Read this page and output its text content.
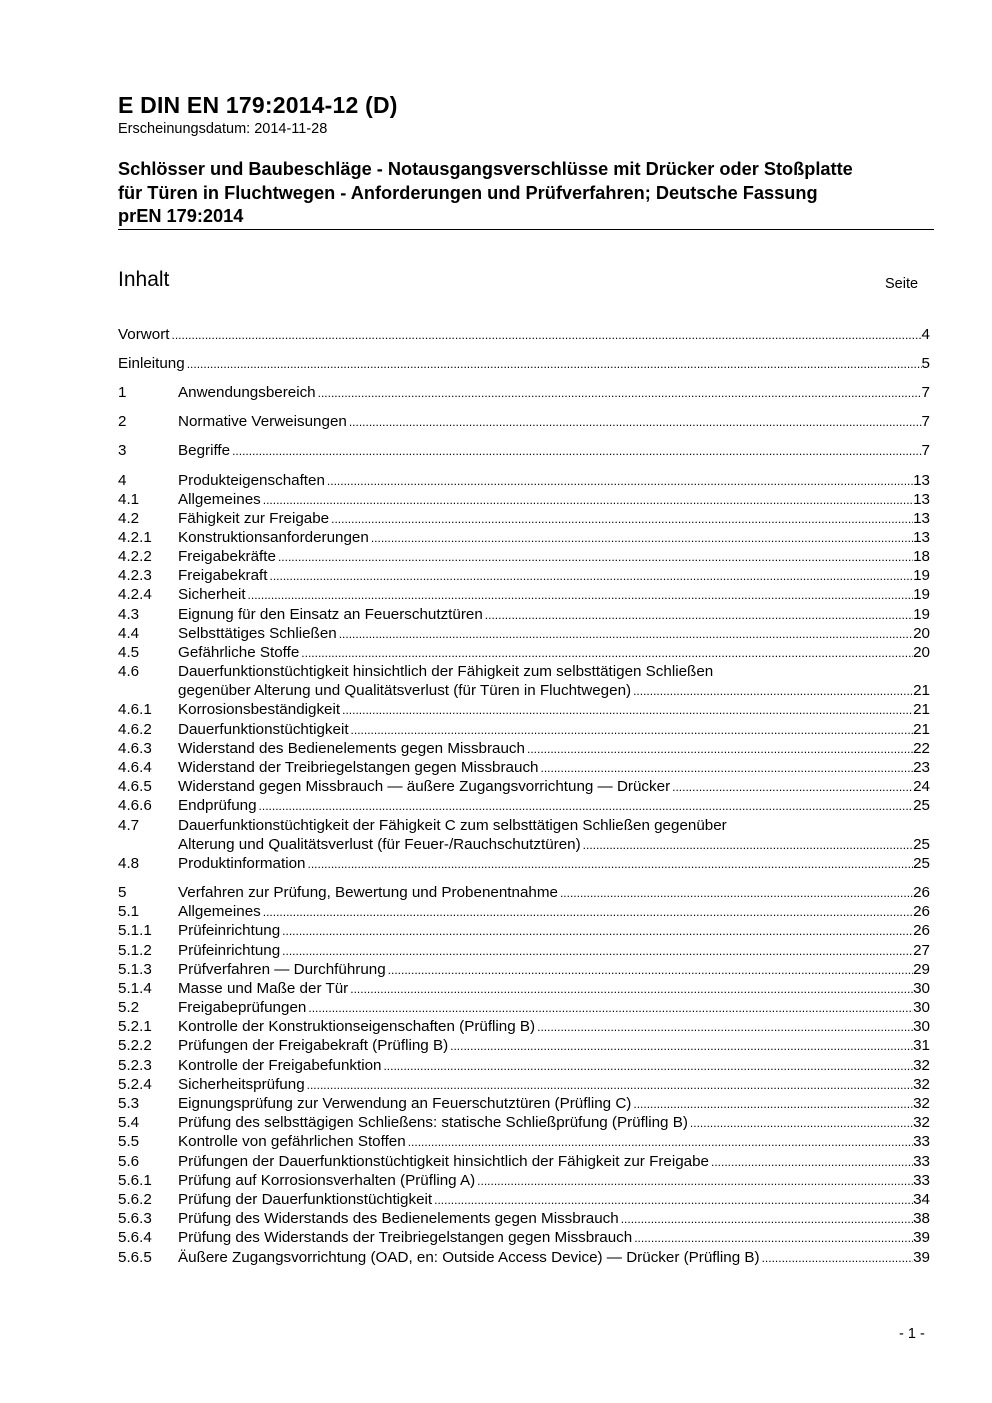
E DIN EN 179:2014-12 (D)
Erscheinungsdatum: 2014-11-28
Schlösser und Baubeschläge - Notausgangsverschlüsse mit Drücker oder Stoßplatte
für Türen in Fluchtwegen - Anforderungen und Prüfverfahren; Deutsche Fassung
prEN 179:2014
Inhalt	Seite
Vorwort .....	4
Einleitung .....	5
1	Anwendungsbereich .....	7
2	Normative Verweisungen .....	7
3	Begriffe .....	7
4	Produkteigenschaften .....	13
4.1	Allgemeines .....	13
4.2	Fähigkeit zur Freigabe .....	13
4.2.1 Konstruktionsanforderungen .....	13
4.2.2 Freigabekräfte .....	18
4.2.3 Freigabekraft .....	19
4.2.4 Sicherheit .....	19
4.3	Eignung für den Einsatz an Feuerschutztüren .....	19
4.4	Selbsttätiges Schließen .....	20
4.5	Gefährliche Stoffe .....	20
4.6	Dauerfunktionstüchtigkeit hinsichtlich der Fähigkeit zum selbsttätigen Schließen
gegenüber Alterung und Qualitätsverlust (für Türen in Fluchtwegen) .....	21
4.6.1 Korrosionsbeständigkeit .....	21
4.6.2 Dauerfunktionstüchtigkeit .....	21
4.6.3 Widerstand des Bedienelements gegen Missbrauch .....	22
4.6.4 Widerstand der Treibriegelstangen gegen Missbrauch .....	23
4.6.5 Widerstand gegen Missbrauch — äußere Zugangsvorrichtung — Drücker .....	24
4.6.6 Endprüfung .....	25
4.7	Dauerfunktionstüchtigkeit der Fähigkeit C zum selbsttätigen Schließen gegenüber
Alterung und Qualitätsverlust (für Feuer-/Rauchschutztüren) .....	25
4.8	Produktinformation .....	25
5	Verfahren zur Prüfung, Bewertung und Probenentnahme .....	26
5.1	Allgemeines .....	26
5.1.1 Prüfeinrichtung .....	26
5.1.2 Prüfeinrichtung .....	27
5.1.3 Prüfverfahren — Durchführung .....	29
5.1.4 Masse und Maße der Tür .....	30
5.2	Freigabeprüfungen .....	30
5.2.1 Kontrolle der Konstruktionseigenschaften (Prüfling B) .....	30
5.2.2 Prüfungen der Freigabekraft (Prüfling B) .....	31
5.2.3 Kontrolle der Freigabefunktion .....	32
5.2.4 Sicherheitsprüfung .....	32
5.3	Eignungsprüfung zur Verwendung an Feuerschutztüren (Prüfling C) .....	32
5.4	Prüfung des selbsttägigen Schließens: statische Schließprüfung (Prüfling B) .....	32
5.5	Kontrolle von gefährlichen Stoffen .....	33
5.6	Prüfungen der Dauerfunktionstüchtigkeit hinsichtlich der Fähigkeit zur Freigabe .....	33
5.6.1 Prüfung auf Korrosionsverhalten (Prüfling A) .....	33
5.6.2 Prüfung der Dauerfunktionstüchtigkeit .....	34
5.6.3 Prüfung des Widerstands des Bedienelements gegen Missbrauch .....	38
5.6.4 Prüfung des Widerstands der Treibriegelstangen gegen Missbrauch .....	39
5.6.5 Äußere Zugangsvorrichtung (OAD, en: Outside Access Device) — Drücker (Prüfling B) .....	39
- 1 -
